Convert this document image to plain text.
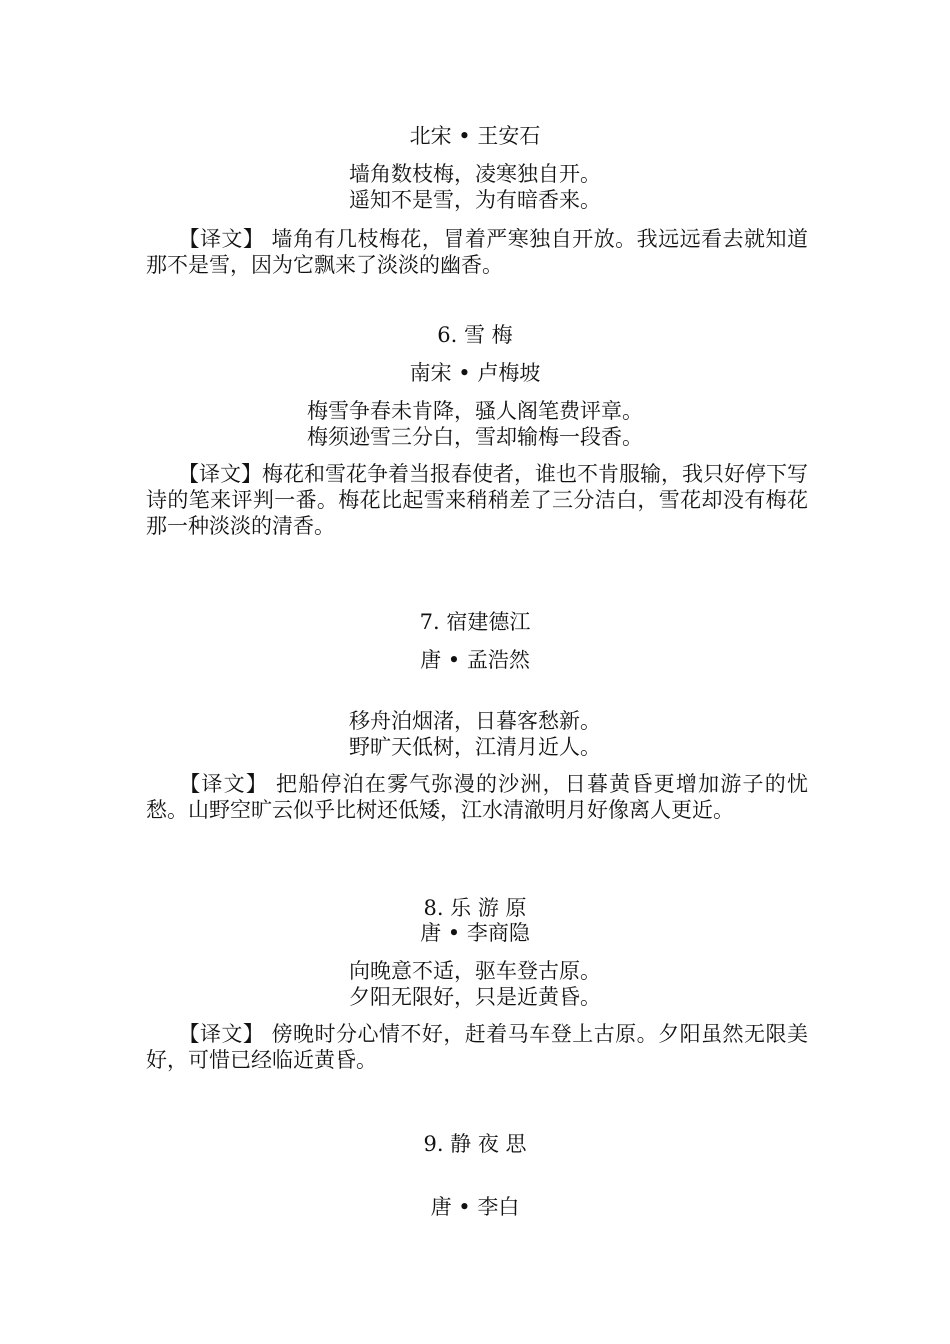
北宋 • 王安石
墙角数枝梅，凌寒独自开。
遥知不是雪，为有暗香来。
【译文】 墙角有几枝梅花，冒着严寒独自开放。我远远看去就知道那不是雪，因为它飘来了淡淡的幽香。
6. 雪 梅
南宋 • 卢梅坡
梅雪争春未肯降，骚人阁笔费评章。
梅须逊雪三分白，雪却输梅一段香。
【译文】梅花和雪花争着当报春使者，谁也不肯服输，我只好停下写诗的笔来评判一番。梅花比起雪来稍稍差了三分洁白，雪花却没有梅花那一种淡淡的清香。
7. 宿建德江
唐 • 孟浩然
移舟泊烟渚，日暮客愁新。
野旷天低树，江清月近人。
【译文】 把船停泊在雾气弥漫的沙洲，日暮黄昏更增加游子的忧愁。山野空旷云似乎比树还低矮，江水清澈明月好像离人更近。
8. 乐 游 原
唐 • 李商隐
向晚意不适，驱车登古原。
夕阳无限好，只是近黄昏。
【译文】 傍晚时分心情不好，赶着马车登上古原。夕阳虽然无限美好，可惜已经临近黄昏。
9. 静 夜 思
唐 • 李白
